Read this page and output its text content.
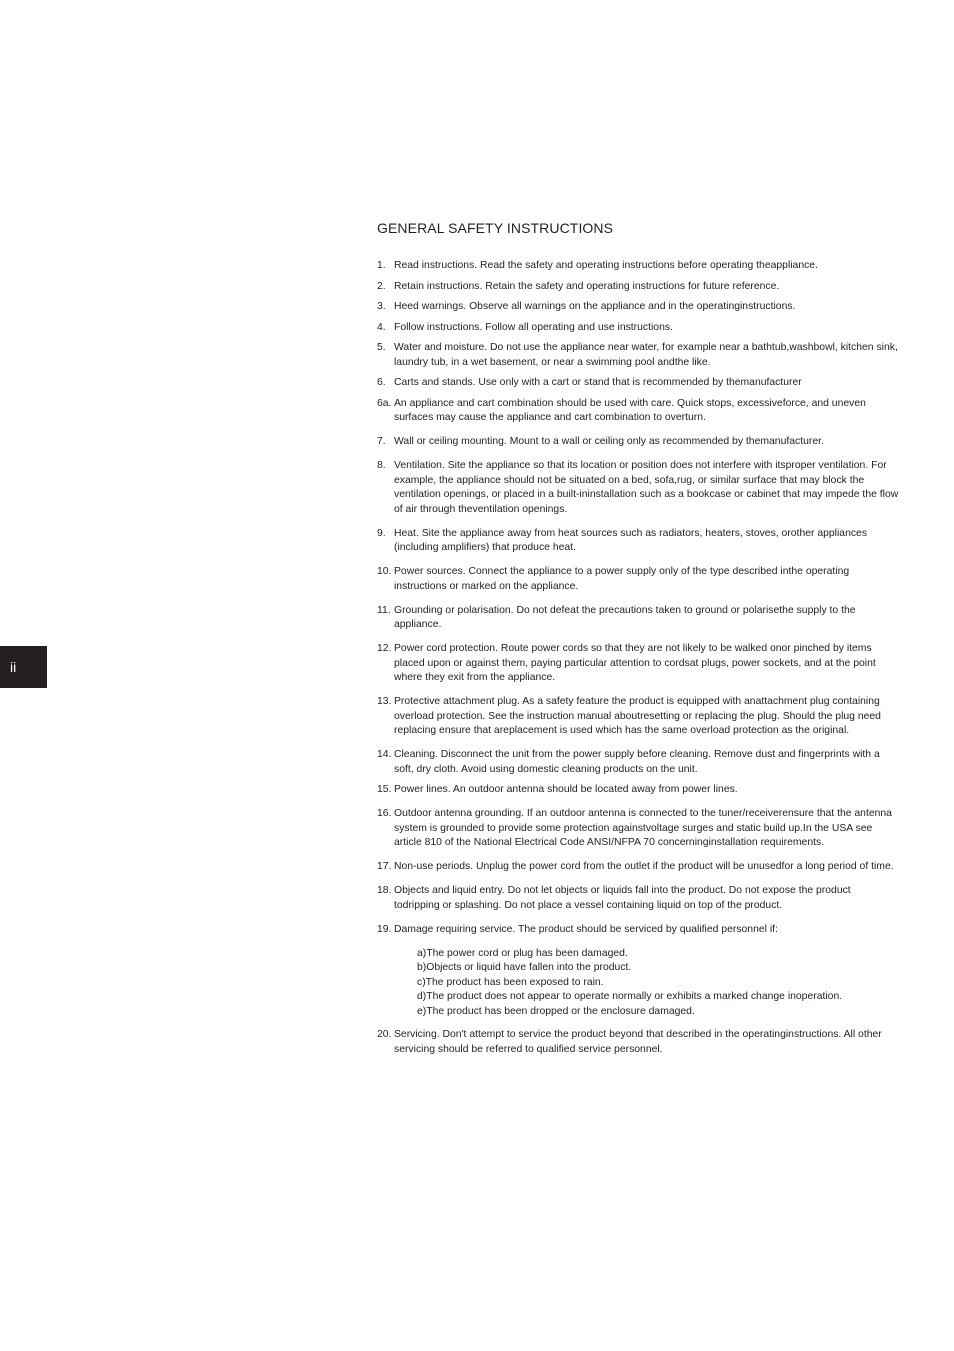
ii
GENERAL SAFETY INSTRUCTIONS
1. Read instructions. Read the safety and operating instructions before operating theappliance.
2. Retain instructions. Retain the safety and operating instructions for future reference.
3. Heed warnings. Observe all warnings on the appliance and in the operatinginstructions.
4. Follow instructions. Follow all operating and use instructions.
5. Water and moisture. Do not use the appliance near water, for example near a bathtub,washbowl, kitchen sink, laundry tub, in a wet basement, or near a swimming pool andthe like.
6. Carts and stands. Use only with a cart or stand that is recommended by themanufacturer
6a. An appliance and cart combination should be used with care. Quick stops, excessiveforce, and uneven surfaces may cause the appliance and cart combination to overturn.
7. Wall or ceiling mounting. Mount to a wall or ceiling only as recommended by themanufacturer.
8. Ventilation. Site the appliance so that its location or position does not interfere with itsproper ventilation. For example, the appliance should not be situated on a bed, sofa,rug, or similar surface that may block the ventilation openings, or placed in a built-ininstallation such as a bookcase or cabinet that may impede the flow of air through theventilation openings.
9. Heat. Site the appliance away from heat sources such as radiators, heaters, stoves, orother appliances (including amplifiers) that produce heat.
10. Power sources. Connect the appliance to a power supply only of the type described inthe operating instructions or marked on the appliance.
11. Grounding or polarisation. Do not defeat the precautions taken to ground or polarisethe supply to the appliance.
12. Power cord protection. Route power cords so that they are not likely to be walked onor pinched by items placed upon or against them, paying particular attention to cordsat plugs, power sockets, and at the point where they exit from the appliance.
13. Protective attachment plug. As a safety feature the product is equipped with anattachment plug containing overload protection. See the instruction manual aboutresetting or replacing the plug. Should the plug need replacing ensure that areplacement is used which has the same overload protection as the original.
14. Cleaning. Disconnect the unit from the power supply before cleaning. Remove dust and fingerprints with a soft, dry cloth. Avoid using domestic cleaning products on the unit.
15. Power lines. An outdoor antenna should be located away from power lines.
16. Outdoor antenna grounding. If an outdoor antenna is connected to the tuner/receiverensure that the antenna system is grounded to provide some protection againstvoltage surges and static build up.In the USA see article 810 of the National Electrical Code ANSI/NFPA 70 concerninginstallation requirements.
17. Non-use periods. Unplug the power cord from the outlet if the product will be unusedfor a long period of time.
18. Objects and liquid entry. Do not let objects or liquids fall into the product. Do not expose the product todripping or splashing. Do not place a vessel containing liquid on top of the product.
19. Damage requiring service. The product should be serviced by qualified personnel if:
a)The power cord or plug has been damaged.
b)Objects or liquid have fallen into the product.
c)The product has been exposed to rain.
d)The product does not appear to operate normally or exhibits a marked change inoperation.
e)The product has been dropped or the enclosure damaged.
20. Servicing. Don't attempt to service the product beyond that described in the operatinginstructions. All other servicing should be referred to qualified service personnel.
